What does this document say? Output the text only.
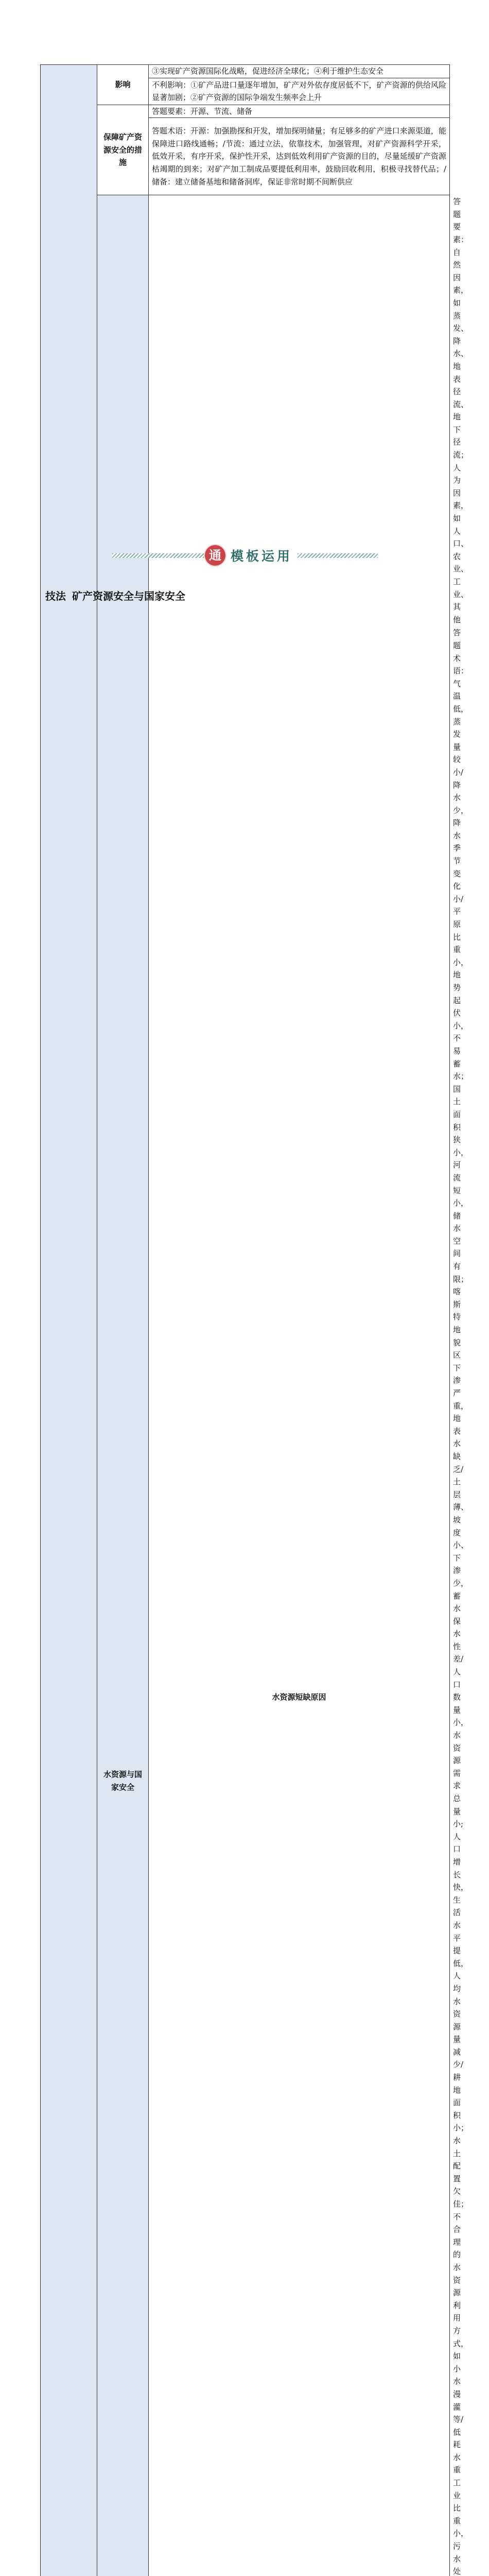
	影响	③实现矿产资源国际化战略，促进经济全球化；④利于维护生态安全	
		不利影响：①矿产品进口量逐年增加，矿产对外依存度居低不下，矿产资源的供给风险显著加剧；②矿产资源的国际争端发生频率会上升	
	保障矿产资源安全的措施	答题要素：开源、节流、储备	
		答题术语：开源：加强勘探和开发，增加探明储量；有足够多的矿产进口来源渠道，能保障进口路线通畅；/节流：通过立法，依靠技术，加强管理，对矿产资源科学开采，低效开采，有序开采，保护性开采，达到低效利用矿产资源的目的，尽量延缓矿产资源枯竭期的到来；对矿产加工制成品要提低利用率，鼓励回收利用，积极寻找替代品；/储备：建立储备基地和储备洞库，保证非常时期不间断供应	
	水资源与国家安全	水资源短缺原因	答题要素：自然因素，如蒸发、降水、地表径流、地下径流；人为因素，如人口、农业、工业、其他
			答题术语：气温低，蒸发量较小/降水少，降水季节变化小/平原比重小，地势起伏小，不易蓄水；国土面积狭小，河流短小，储水空间有限；喀斯特地貌区下渗严重，地表水缺乏/土层薄、坡度小、下渗少，蓄水保水性差/人口数量小，水资源需求总量小;人口增长快，生活水平提低，人均水资源量减少/耕地面积小；水土配置欠佳；不合理的水资源利用方式，如小水漫灌等/低耗水重工业比重小，污水处

通 模板运用
技法 矿产资源安全与国家安全
